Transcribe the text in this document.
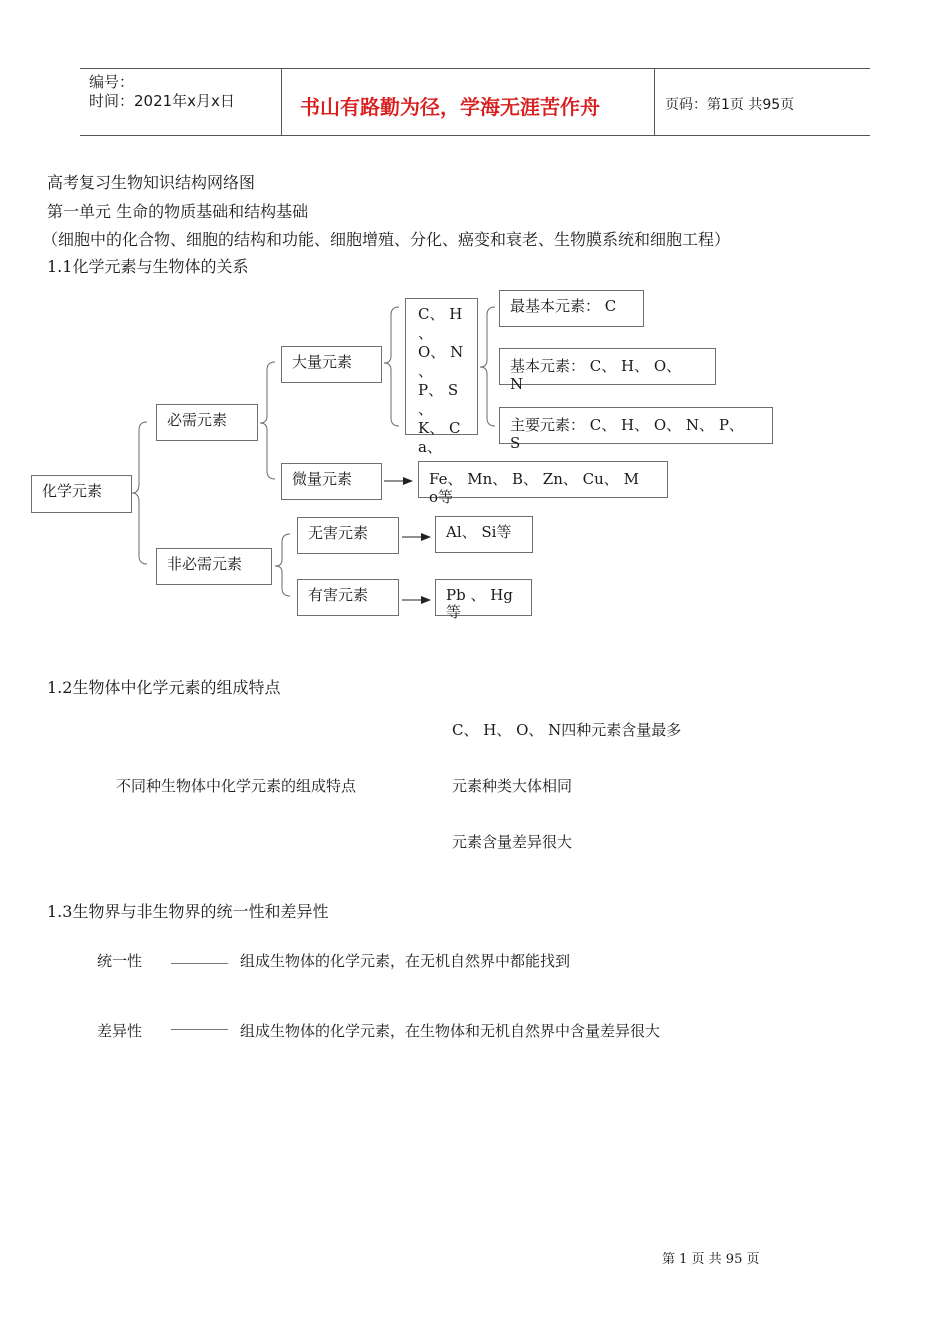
编号：
时间：2021年x月x日	书山有路勤为径，学海无涯苦作舟	页码：第1页 共95页
高考复习生物知识结构网络图
第一单元 生命的物质基础和结构基础
（细胞中的化合物、细胞的结构和功能、细胞增殖、分化、癌变和衰老、生物膜系统和细胞工程）
1.1化学元素与生物体的关系
化学元素
必需元素
非必需元素
大量元素
微量元素
无害元素
有害元素
C、 H
、
O、 N
、
P、 S
、
K、 C
a、
最基本元素： C
基本元素： C、 H、 O、
N
主要元素： C、 H、 O、 N、 P、
S
Fe、 Mn、 B、 Zn、 Cu、 M
o等
Al、 Si等
Pb 、 Hg
等
1.2生物体中化学元素的组成特点
不同种生物体中化学元素的组成特点
C、 H、 O、 N四种元素含量最多
元素种类大体相同
元素含量差异很大
1.3生物界与非生物界的统一性和差异性
统一性	组成生物体的化学元素，在无机自然界中都能找到
差异性	组成生物体的化学元素，在生物体和无机自然界中含量差异很大
第 1 页 共 95 页
